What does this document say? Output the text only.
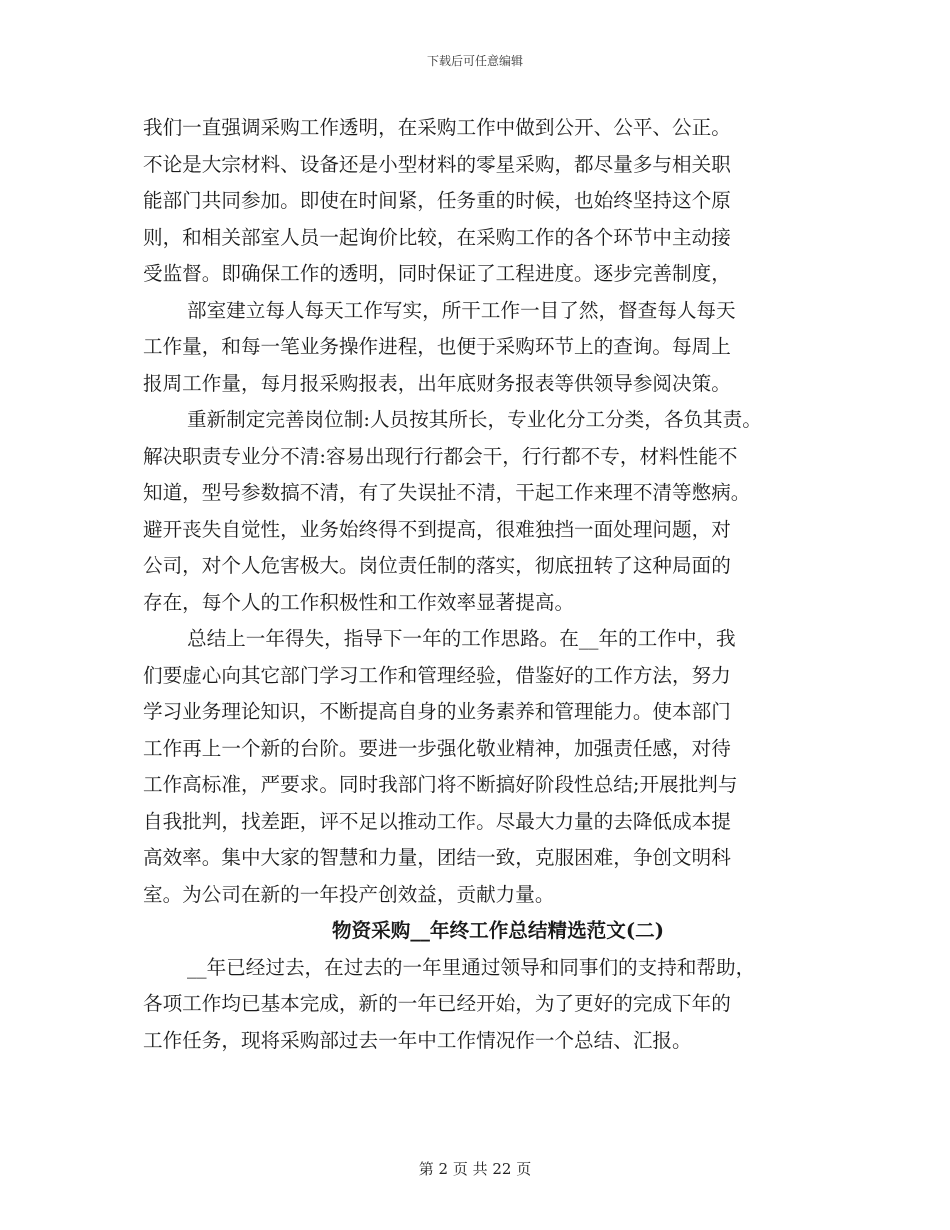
下载后可任意编辑
我们一直强调采购工作透明，在采购工作中做到公开、公平、公正。
不论是大宗材料、设备还是小型材料的零星采购，都尽量多与相关职
能部门共同参加。即使在时间紧，任务重的时候，也始终坚持这个原
则，和相关部室人员一起询价比较，在采购工作的各个环节中主动接
受监督。即确保工作的透明，同时保证了工程进度。逐步完善制度，
部室建立每人每天工作写实，所干工作一目了然，督查每人每天
工作量，和每一笔业务操作进程，也便于采购环节上的查询。每周上
报周工作量，每月报采购报表，出年底财务报表等供领导参阅决策。
重新制定完善岗位制:人员按其所长，专业化分工分类，各负其责。
解决职责专业分不清:容易出现行行都会干，行行都不专，材料性能不
知道，型号参数搞不清，有了失误扯不清，干起工作来理不清等憋病。
避开丧失自觉性，业务始终得不到提高，很难独挡一面处理问题，对
公司，对个人危害极大。岗位责任制的落实，彻底扭转了这种局面的
存在，每个人的工作积极性和工作效率显著提高。
总结上一年得失，指导下一年的工作思路。在__年的工作中，我
们要虚心向其它部门学习工作和管理经验，借鉴好的工作方法，努力
学习业务理论知识，不断提高自身的业务素养和管理能力。使本部门
工作再上一个新的台阶。要进一步强化敬业精神，加强责任感，对待
工作高标准，严要求。同时我部门将不断搞好阶段性总结;开展批判与
自我批判，找差距，评不足以推动工作。尽最大力量的去降低成本提
高效率。集中大家的智慧和力量，团结一致，克服困难，争创文明科
室。为公司在新的一年投产创效益，贡献力量。
物资采购__年终工作总结精选范文(二)
__年已经过去，在过去的一年里通过领导和同事们的支持和帮助，
各项工作均已基本完成，新的一年已经开始，为了更好的完成下年的
工作任务，现将采购部过去一年中工作情况作一个总结、汇报。
第 2 页 共 22 页
